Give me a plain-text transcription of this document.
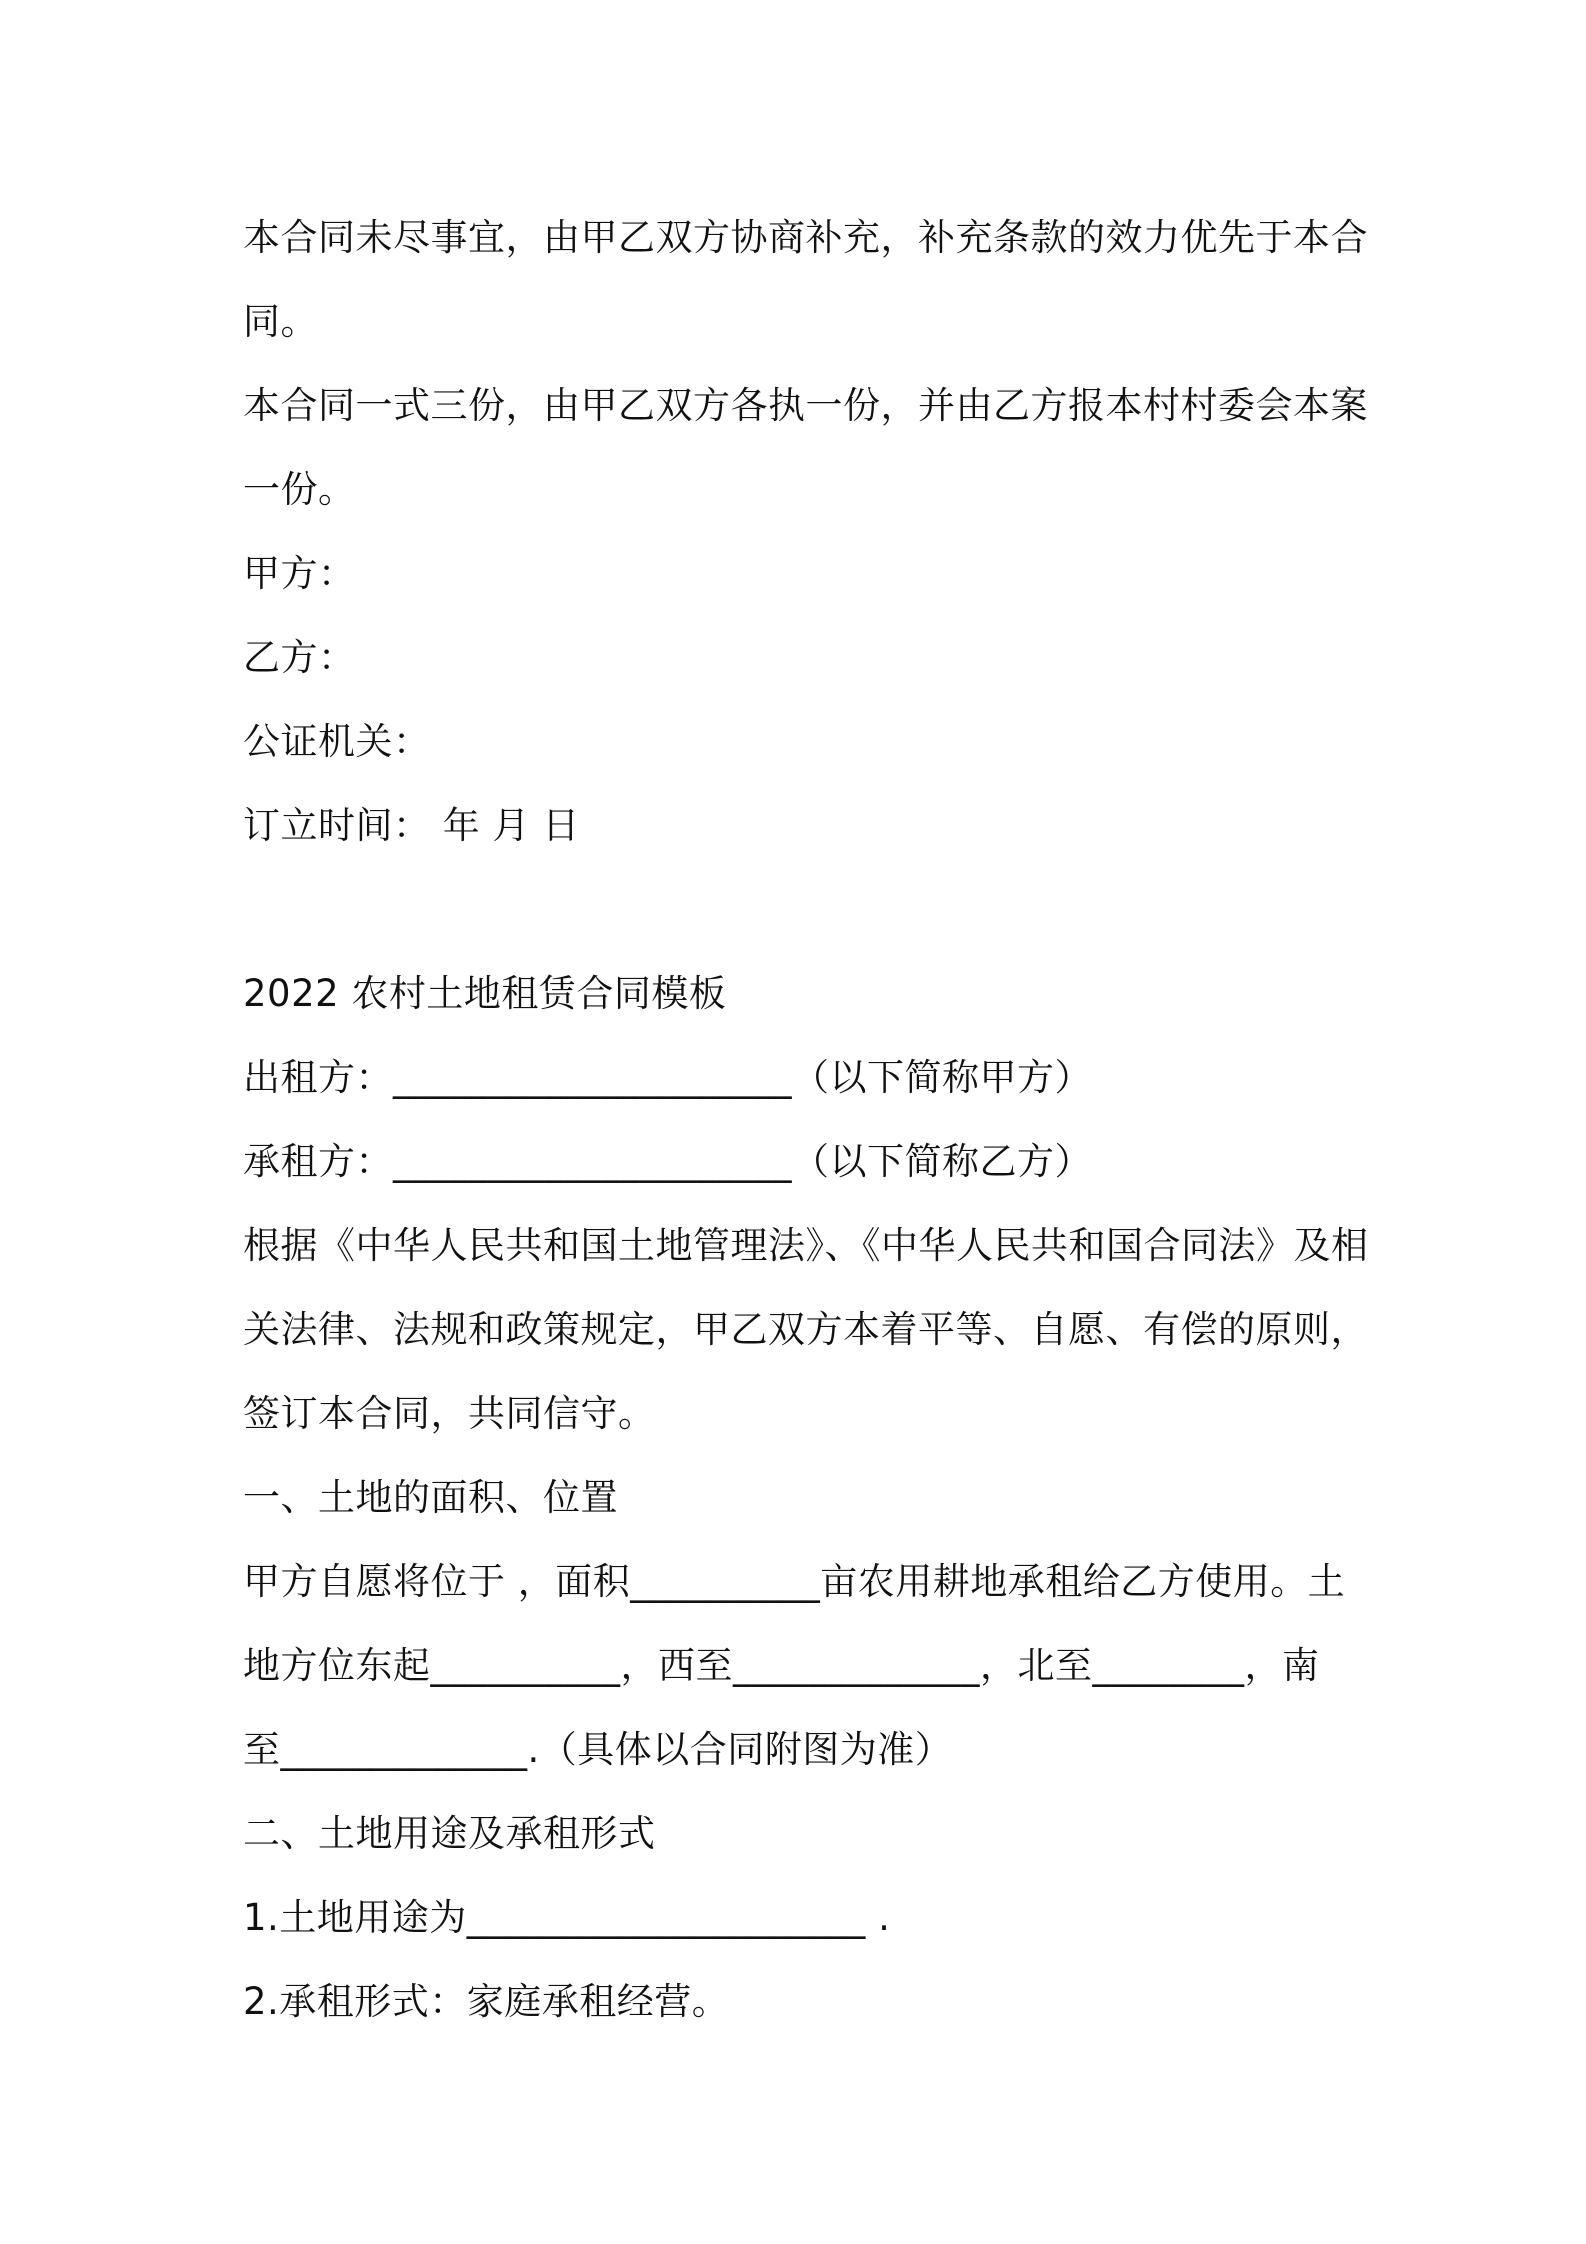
本合同未尽事宜，由甲乙双方协商补充，补充条款的效力优先于本合
同。
本合同一式三份，由甲乙双方各执一份，并由乙方报本村村委会本案
一份。
甲方：
乙方：
公证机关：
订立时间： 年 月 日
2022 农村土地租赁合同模板
出租方：_____________________（以下简称甲方）
承租方：_____________________（以下简称乙方）
根据《中华人民共和国土地管理法》、《中华人民共和国合同法》及相
关法律、法规和政策规定，甲乙双方本着平等、自愿、有偿的原则，
签订本合同，共同信守。
一、土地的面积、位置
甲方自愿将位于 ，面积__________亩农用耕地承租给乙方使用。土
地方位东起__________，西至_____________，北至________，南
至_____________.（具体以合同附图为准）
二、土地用途及承租形式
1.土地用途为_____________________ .
2.承租形式：家庭承租经营。
